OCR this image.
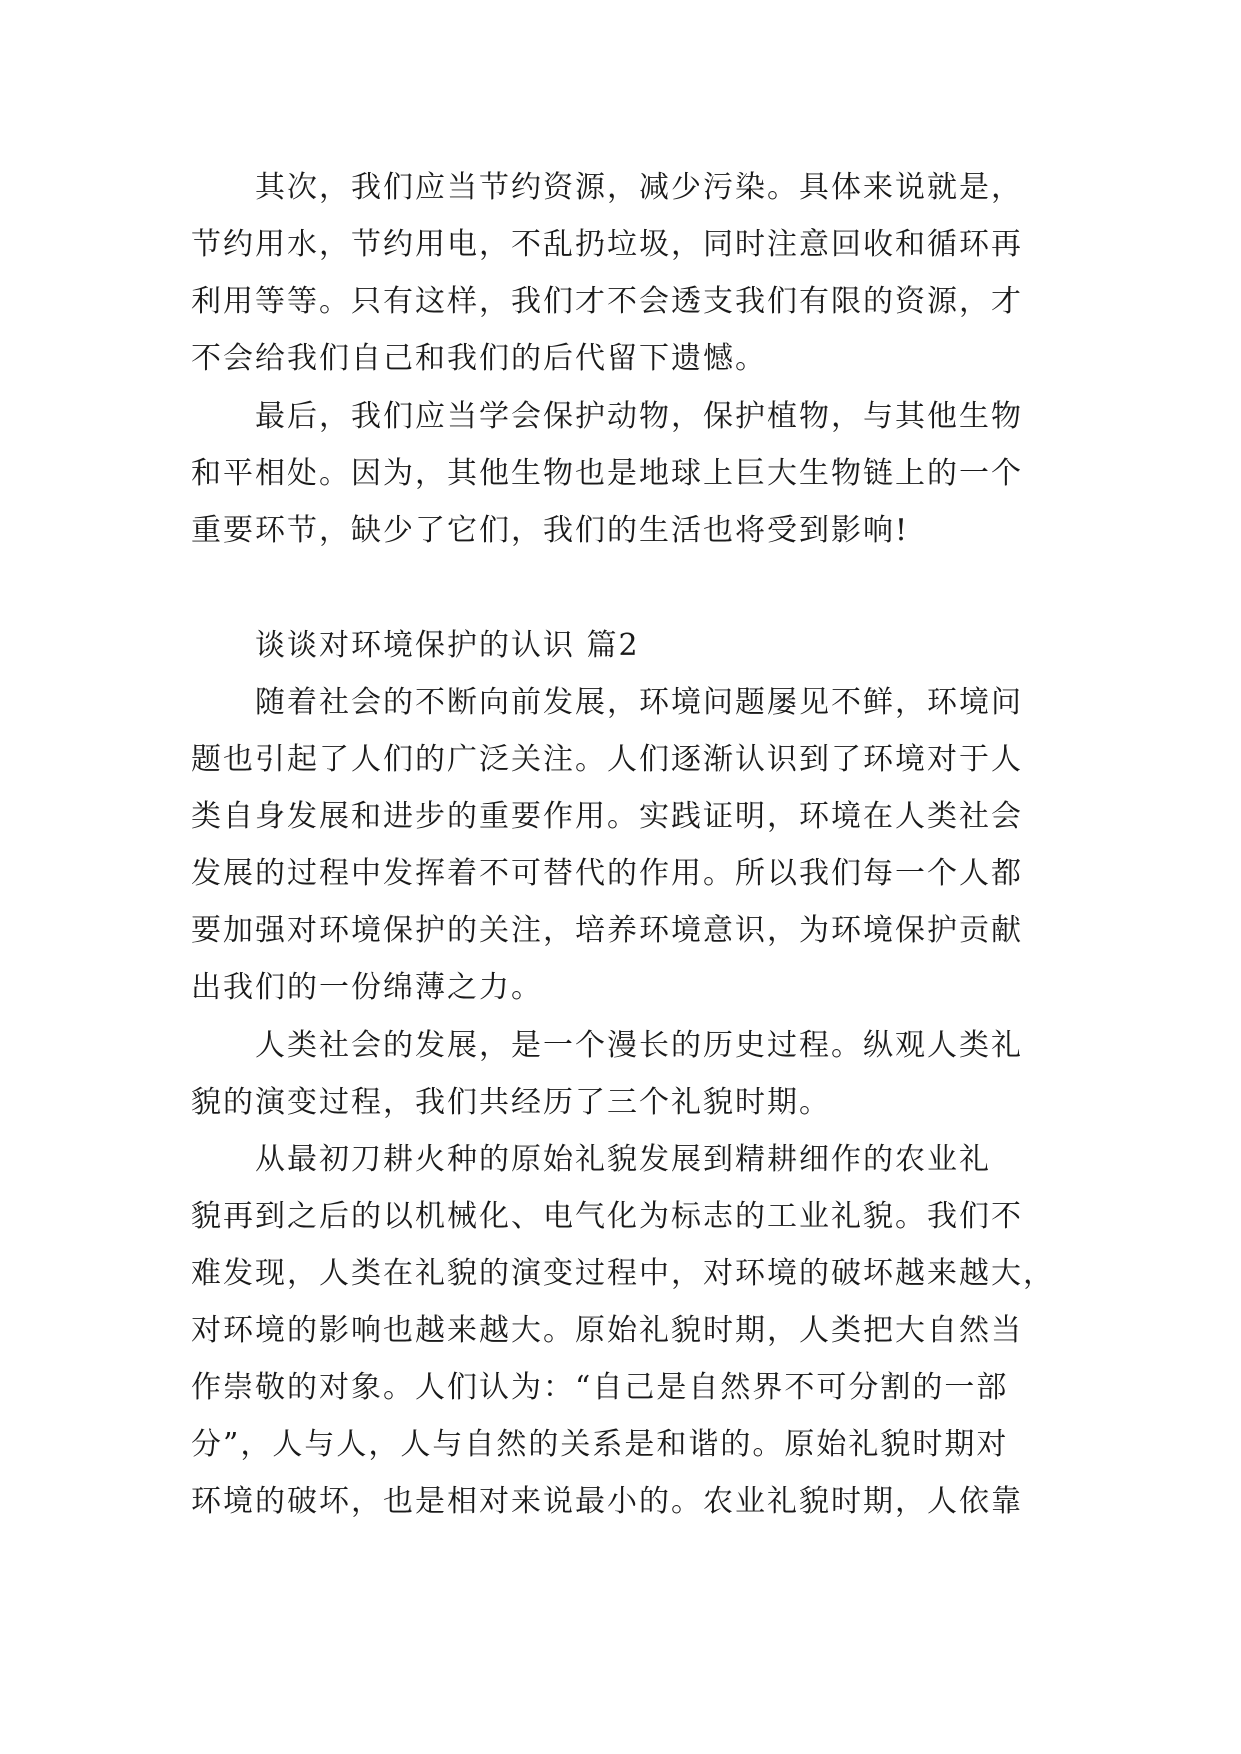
其次，我们应当节约资源，减少污染。具体来说就是，
节约用水，节约用电，不乱扔垃圾，同时注意回收和循环再
利用等等。只有这样，我们才不会透支我们有限的资源，才
不会给我们自己和我们的后代留下遗憾。
最后，我们应当学会保护动物，保护植物，与其他生物
和平相处。因为，其他生物也是地球上巨大生物链上的一个
重要环节，缺少了它们，我们的生活也将受到影响!
谈谈对环境保护的认识 篇2
随着社会的不断向前发展，环境问题屡见不鲜，环境问
题也引起了人们的广泛关注。人们逐渐认识到了环境对于人
类自身发展和进步的重要作用。实践证明，环境在人类社会
发展的过程中发挥着不可替代的作用。所以我们每一个人都
要加强对环境保护的关注，培养环境意识，为环境保护贡献
出我们的一份绵薄之力。
人类社会的发展，是一个漫长的历史过程。纵观人类礼
貌的演变过程，我们共经历了三个礼貌时期。
从最初刀耕火种的原始礼貌发展到精耕细作的农业礼
貌再到之后的以机械化、电气化为标志的工业礼貌。我们不
难发现，人类在礼貌的演变过程中，对环境的破坏越来越大，
对环境的影响也越来越大。原始礼貌时期，人类把大自然当
作崇敬的对象。人们认为：“自己是自然界不可分割的一部
分”，人与人，人与自然的关系是和谐的。原始礼貌时期对
环境的破坏，也是相对来说最小的。农业礼貌时期，人依靠
